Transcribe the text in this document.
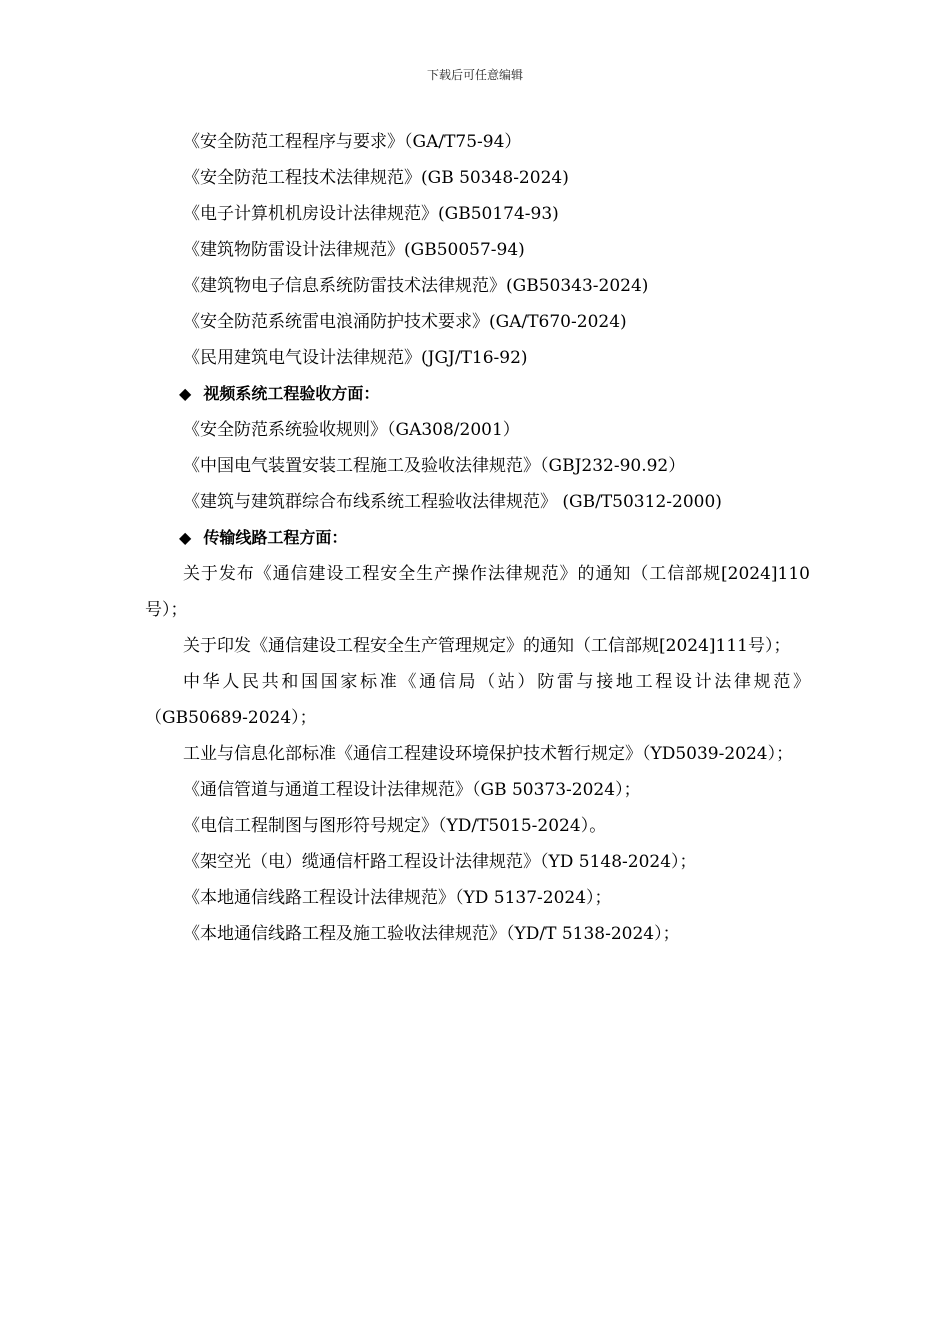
下载后可任意编辑
《安全防范工程程序与要求》（GA/T75-94）
《安全防范工程技术法律规范》(GB 50348-2024)
《电子计算机机房设计法律规范》(GB50174-93)
《建筑物防雷设计法律规范》(GB50057-94)
《建筑物电子信息系统防雷技术法律规范》(GB50343-2024)
《安全防范系统雷电浪涌防护技术要求》(GA/T670-2024)
《民用建筑电气设计法律规范》(JGJ/T16-92)
◆ 视频系统工程验收方面：
《安全防范系统验收规则》（GA308/2001）
《中国电气装置安装工程施工及验收法律规范》（GBJ232-90.92）
《建筑与建筑群综合布线系统工程验收法律规范》 (GB/T50312-2000)
◆ 传输线路工程方面：
关于发布《通信建设工程安全生产操作法律规范》的通知（工信部规[2024]110号）；
关于印发《通信建设工程安全生产管理规定》的通知（工信部规[2024]111号）；
中华人民共和国国家标准《通信局（站）防雷与接地工程设计法律规范》（GB50689-2024）；
工业与信息化部标准《通信工程建设环境保护技术暂行规定》（YD5039-2024）；
《通信管道与通道工程设计法律规范》（GB 50373-2024）；
《电信工程制图与图形符号规定》（YD/T5015-2024）。
《架空光（电）缆通信杆路工程设计法律规范》（YD 5148-2024）；
《本地通信线路工程设计法律规范》（YD 5137-2024）；
《本地通信线路工程及施工验收法律规范》（YD/T 5138-2024）；
